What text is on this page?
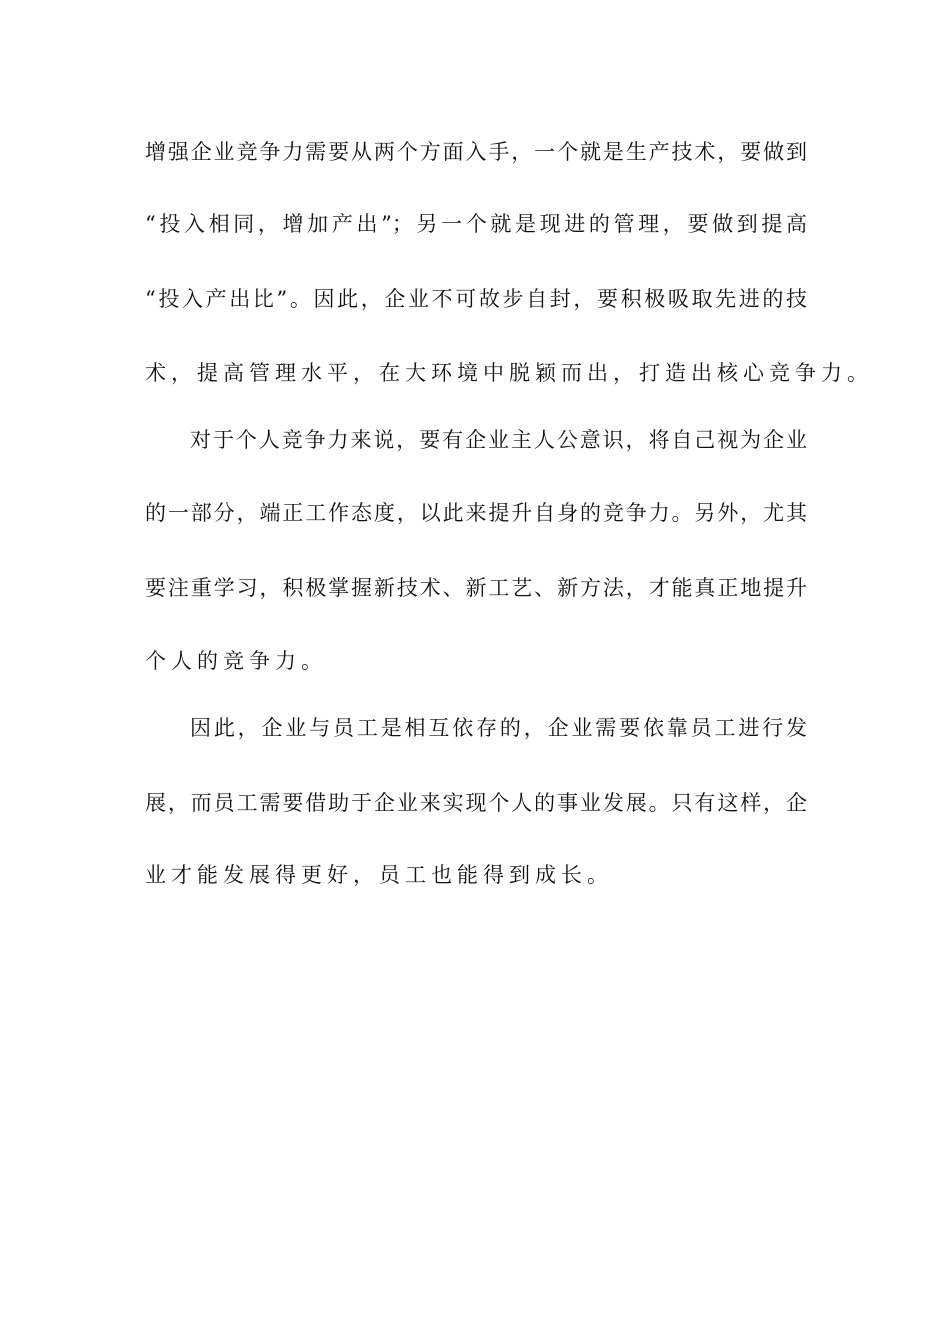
增强企业竞争力需要从两个方面入手，一个就是生产技术，要做到
“投入相同，增加产出”；另一个就是现进的管理，要做到提高
“投入产出比”。因此，企业不可故步自封，要积极吸取先进的技
术，提高管理水平，在大环境中脱颖而出，打造出核心竞争力。
对于个人竞争力来说，要有企业主人公意识，将自己视为企业
的一部分，端正工作态度，以此来提升自身的竞争力。另外，尤其
要注重学习，积极掌握新技术、新工艺、新方法，才能真正地提升
个人的竞争力。
因此，企业与员工是相互依存的，企业需要依靠员工进行发
展，而员工需要借助于企业来实现个人的事业发展。只有这样，企
业才能发展得更好，员工也能得到成长。
